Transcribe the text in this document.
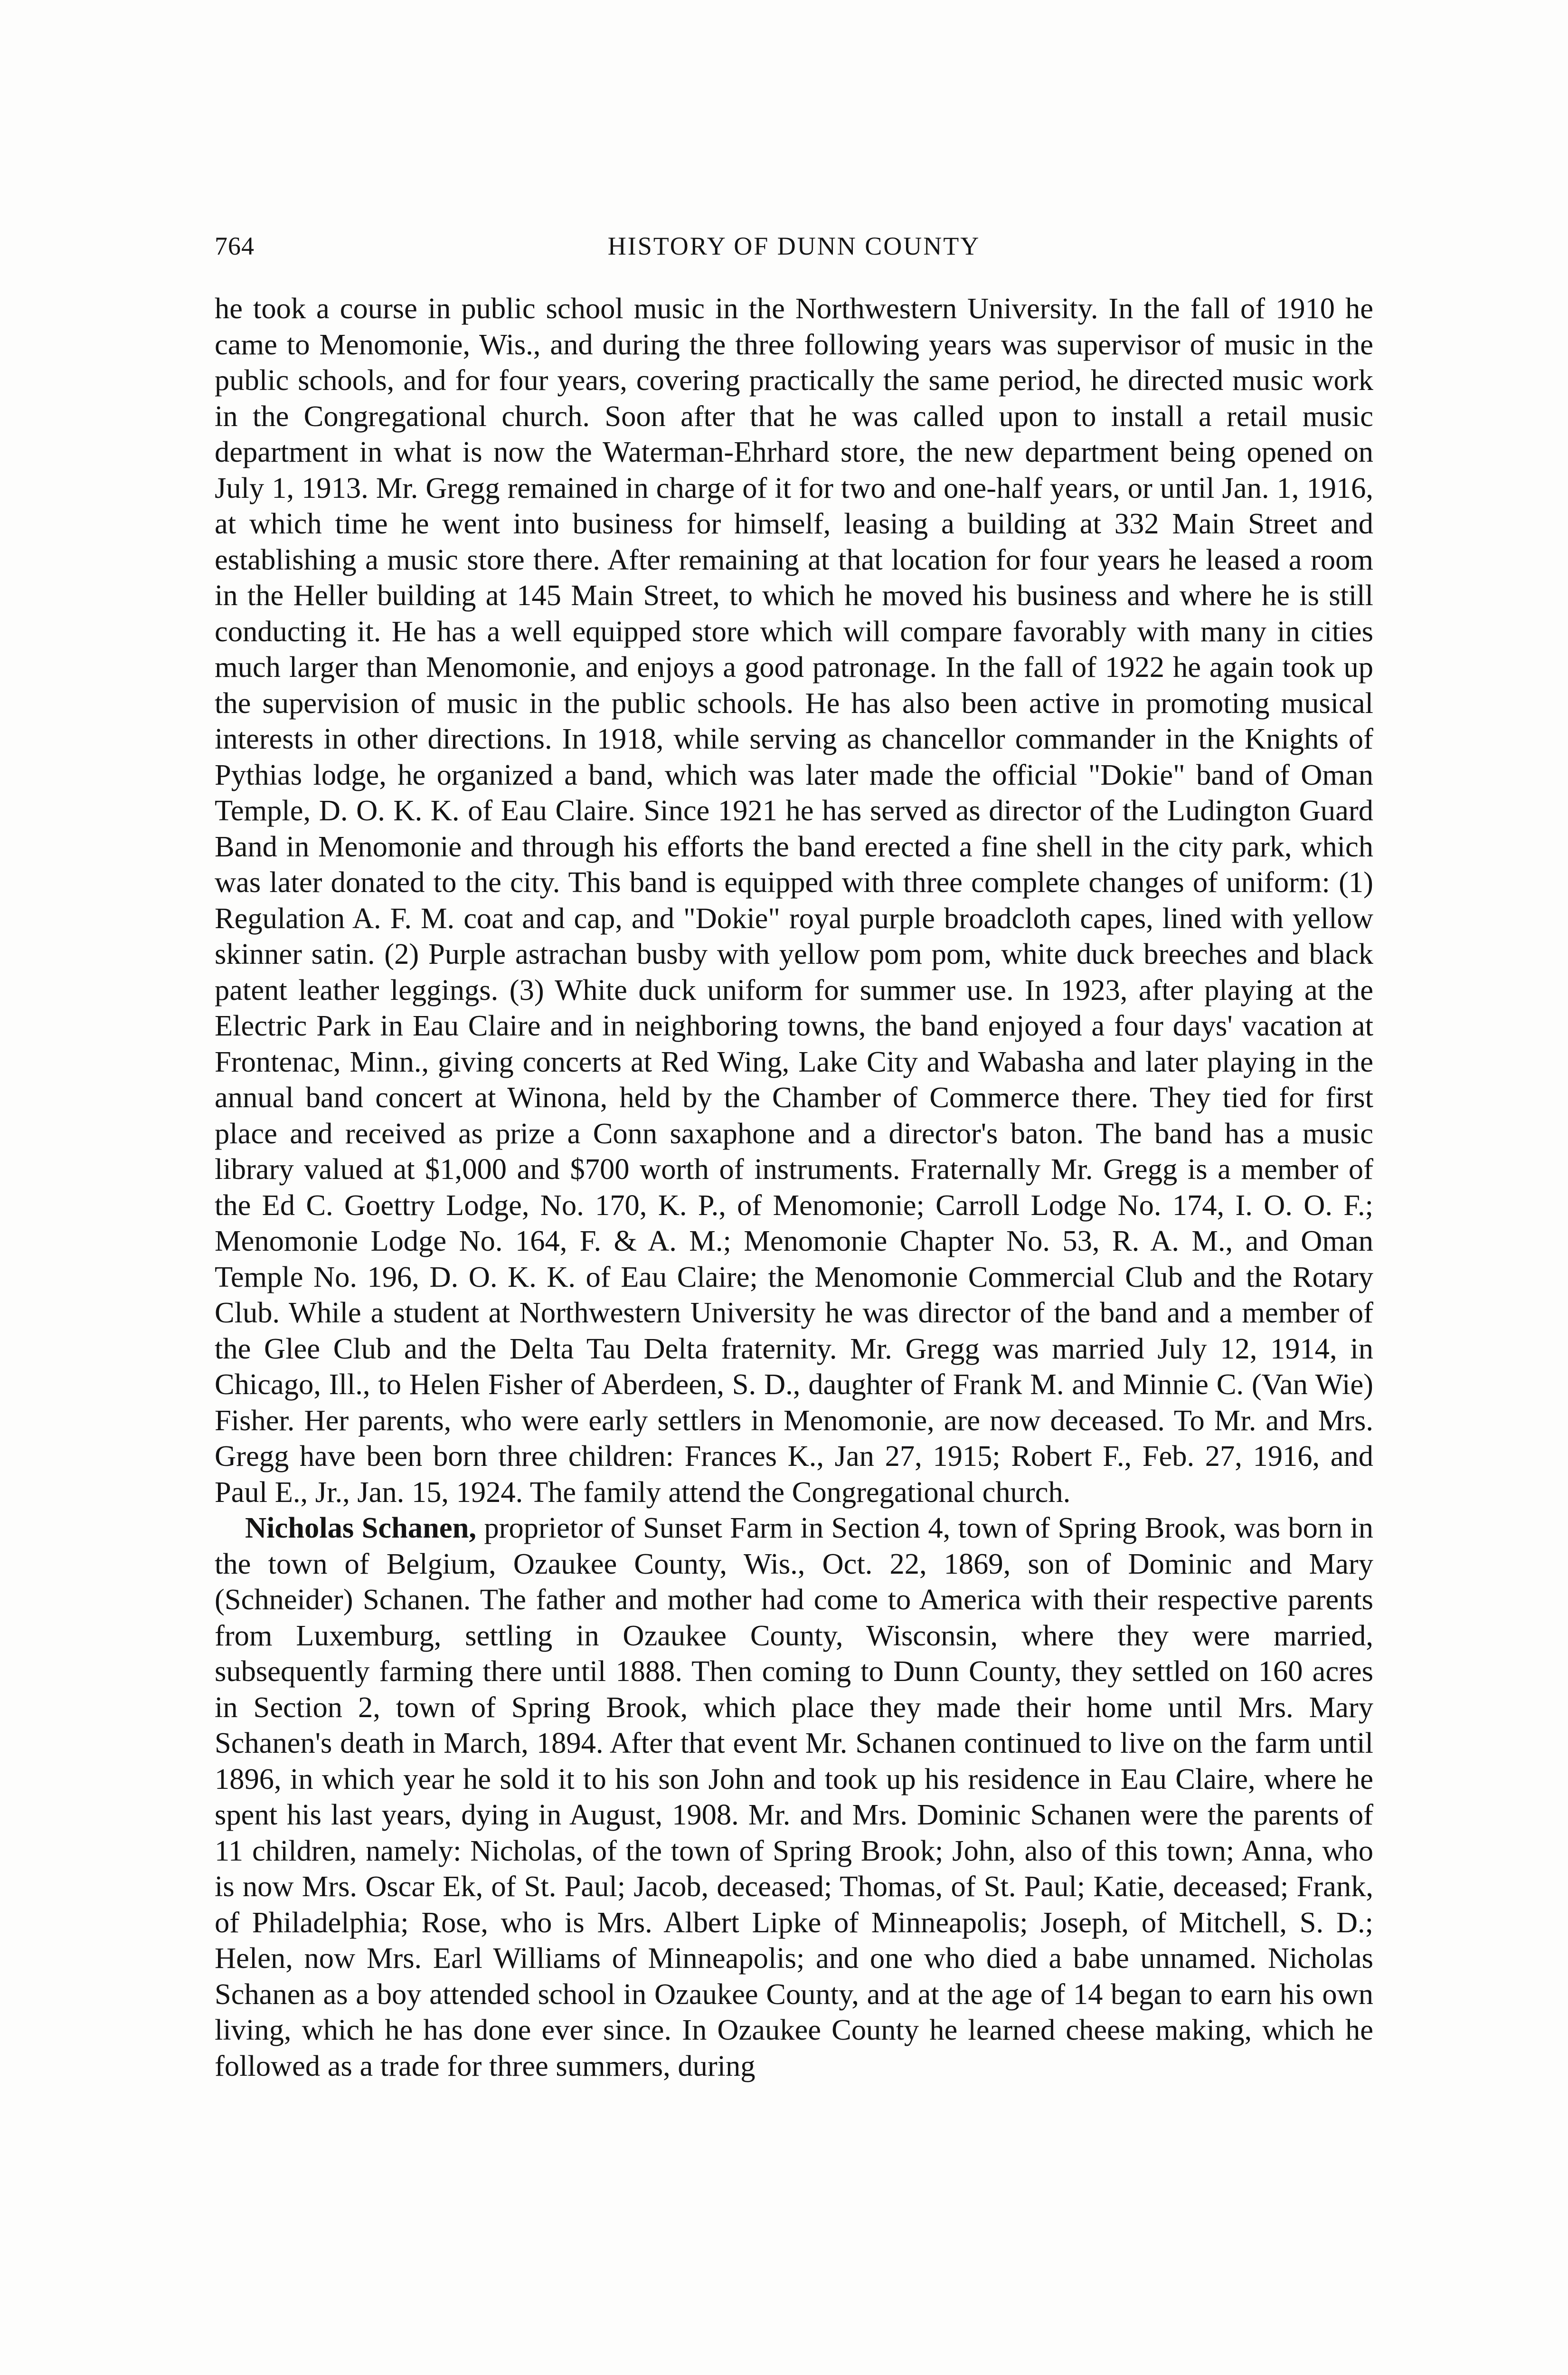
764	HISTORY OF DUNN COUNTY

he took a course in public school music in the Northwestern University. In the fall of 1910 he came to Menomonie, Wis., and during the three following years was supervisor of music in the public schools, and for four years, covering practically the same period, he directed music work in the Congregational church. Soon after that he was called upon to install a retail music department in what is now the Waterman-Ehrhard store, the new department being opened on July 1, 1913. Mr. Gregg remained in charge of it for two and one-half years, or until Jan. 1, 1916, at which time he went into business for himself, leasing a building at 332 Main Street and establishing a music store there. After remaining at that location for four years he leased a room in the Heller building at 145 Main Street, to which he moved his business and where he is still conducting it. He has a well equipped store which will compare favorably with many in cities much larger than Menomonie, and enjoys a good patronage. In the fall of 1922 he again took up the supervision of music in the public schools. He has also been active in promoting musical interests in other directions. In 1918, while serving as chancellor commander in the Knights of Pythias lodge, he organized a band, which was later made the official "Dokie" band of Oman Temple, D. O. K. K. of Eau Claire. Since 1921 he has served as director of the Ludington Guard Band in Menomonie and through his efforts the band erected a fine shell in the city park, which was later donated to the city. This band is equipped with three complete changes of uniform: (1) Regulation A. F. M. coat and cap, and "Dokie" royal purple broadcloth capes, lined with yellow skinner satin. (2) Purple astrachan busby with yellow pom pom, white duck breeches and black patent leather leggings. (3) White duck uniform for summer use. In 1923, after playing at the Electric Park in Eau Claire and in neighboring towns, the band enjoyed a four days' vacation at Frontenac, Minn., giving concerts at Red Wing, Lake City and Wabasha and later playing in the annual band concert at Winona, held by the Chamber of Commerce there. They tied for first place and received as prize a Conn saxaphone and a director's baton. The band has a music library valued at $1,000 and $700 worth of instruments. Fraternally Mr. Gregg is a member of the Ed C. Goettry Lodge, No. 170, K. P., of Menomonie; Carroll Lodge No. 174, I. O. O. F.; Menomonie Lodge No. 164, F. & A. M.; Menomonie Chapter No. 53, R. A. M., and Oman Temple No. 196, D. O. K. K. of Eau Claire; the Menomonie Commercial Club and the Rotary Club. While a student at Northwestern University he was director of the band and a member of the Glee Club and the Delta Tau Delta fraternity. Mr. Gregg was married July 12, 1914, in Chicago, Ill., to Helen Fisher of Aberdeen, S. D., daughter of Frank M. and Minnie C. (Van Wie) Fisher. Her parents, who were early settlers in Menomonie, are now deceased. To Mr. and Mrs. Gregg have been born three children: Frances K., Jan 27, 1915; Robert F., Feb. 27, 1916, and Paul E., Jr., Jan. 15, 1924. The family attend the Congregational church.

Nicholas Schanen, proprietor of Sunset Farm in Section 4, town of Spring Brook, was born in the town of Belgium, Ozaukee County, Wis., Oct. 22, 1869, son of Dominic and Mary (Schneider) Schanen. The father and mother had come to America with their respective parents from Luxemburg, settling in Ozaukee County, Wisconsin, where they were married, subsequently farming there until 1888. Then coming to Dunn County, they settled on 160 acres in Section 2, town of Spring Brook, which place they made their home until Mrs. Mary Schanen's death in March, 1894. After that event Mr. Schanen continued to live on the farm until 1896, in which year he sold it to his son John and took up his residence in Eau Claire, where he spent his last years, dying in August, 1908. Mr. and Mrs. Dominic Schanen were the parents of 11 children, namely: Nicholas, of the town of Spring Brook; John, also of this town; Anna, who is now Mrs. Oscar Ek, of St. Paul; Jacob, deceased; Thomas, of St. Paul; Katie, deceased; Frank, of Philadelphia; Rose, who is Mrs. Albert Lipke of Minneapolis; Joseph, of Mitchell, S. D.; Helen, now Mrs. Earl Williams of Minneapolis; and one who died a babe unnamed. Nicholas Schanen as a boy attended school in Ozaukee County, and at the age of 14 began to earn his own living, which he has done ever since. In Ozaukee County he learned cheese making, which he followed as a trade for three summers, during
